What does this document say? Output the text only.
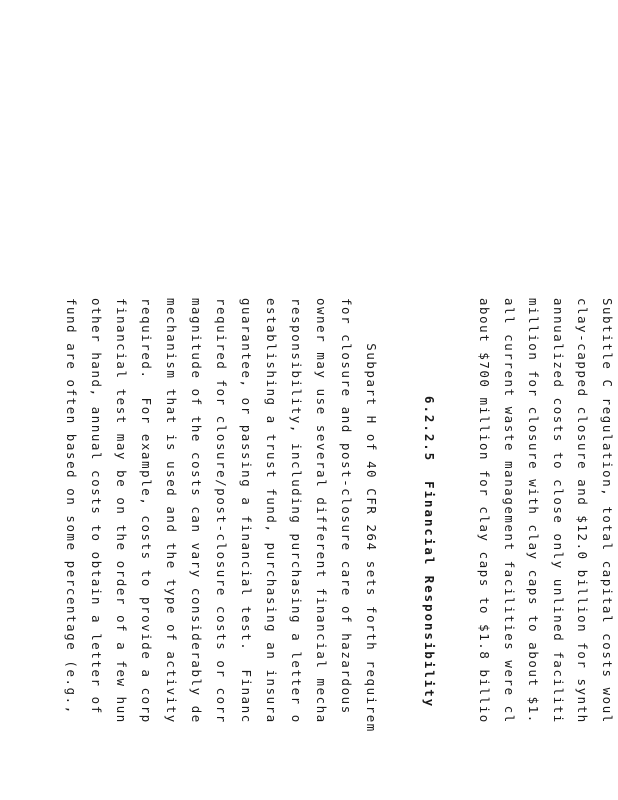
Subtitle C regulation, total capital costs woul
clay-capped closure and $12.0 billion for synth
annualized costs to close only unlined faciliti
million for closure with clay caps to about $1.
all current waste management facilities were cl
about $700 million for clay caps to $1.8 billio
6.2.2.5  Financial Responsibility
Subpart H of 40 CFR 264 sets forth requirem
for closure and post-closure care of hazardous
owner may use several different financial mecha
responsibility, including purchasing a letter o
establishing a trust fund, purchasing an insura
guarantee, or passing a financial test.  Financ
required for closure/post-closure costs or corr
magnitude of the costs can vary considerably de
mechanism that is used and the type of activity
required.  For example, costs to provide a corp
financial test may be on the order of a few hun
other hand, annual costs to obtain a letter of
fund are often based on some percentage (e.g.,
